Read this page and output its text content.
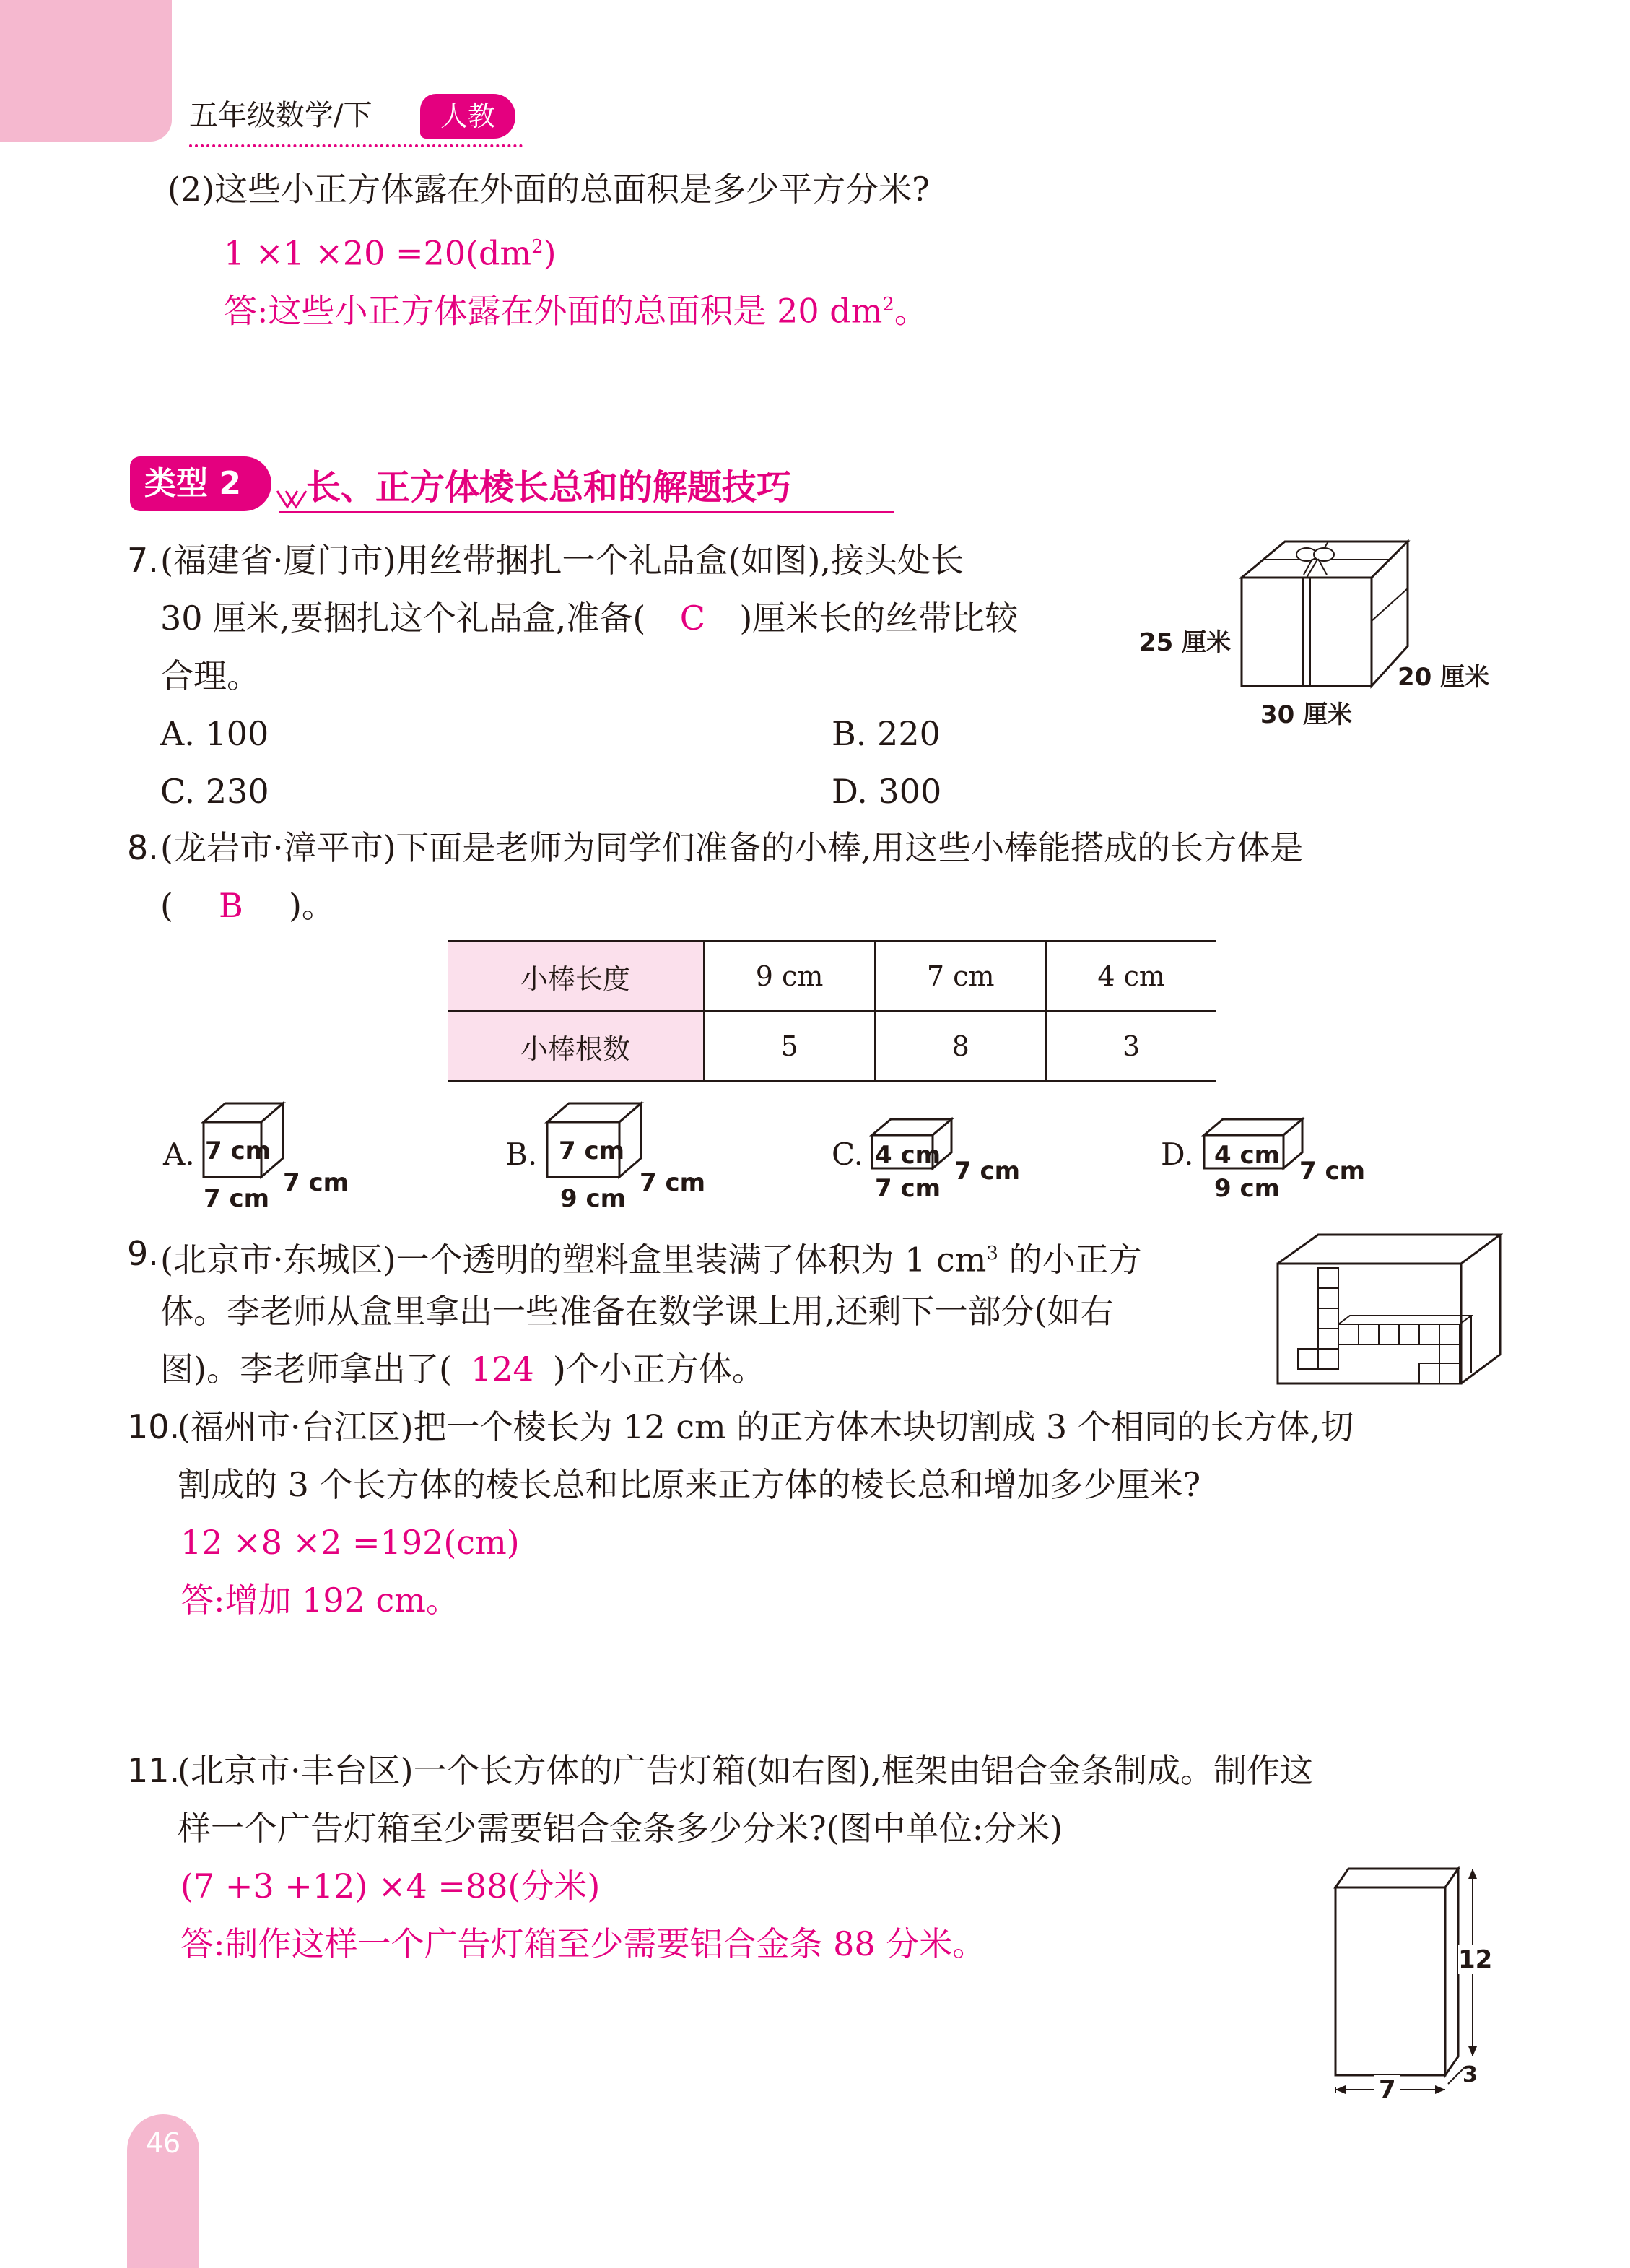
五年级数学/下	人教
(2)这些小正方体露在外面的总面积是多少平方分米?
$1 \times 1 \times 20 =20(dm^2)$
答:这些小正方体露在外面的总面积是 20 $dm^2$。
类型 2	长、正方体棱长总和的解题技巧
7. (福建省·厦门市)用丝带捆扎一个礼品盒(如图),接头处长
30 厘米,要捆扎这个礼品盒,准备( C )厘米长的丝带比较
合理。
A. 100	B. 220
C. 230	D. 300
25 厘米
30 厘米
20 厘米
8. (龙岩市·漳平市)下面是老师为同学们准备的小棒,用这些小棒能搭成的长方体是
( B )。
小棒长度	9 cm	7 cm	4 cm
小棒根数	5	8	3
A. 7 cm
7 cm
7 cm
B. 7 cm
9 cm
7 cm
C. 4 cm
7 cm
7 cm	D. 4 cm
9 cm
7 cm
9. (北京市·东城区)一个透明的塑料盒里装满了体积为 1 $cm^3$ 的小正方
体。李老师从盒里拿出一些准备在数学课上用,还剩下一部分(如右
图)。李老师拿出了( 124 )个小正方体。
10.
(福州市·台江区)把一个棱长为 12 cm 的正方体木块切割成 3 个相同的长方体,切
割成的 3 个长方体的棱长总和比原来正方体的棱长总和增加多少厘米?
12 ×8 ×2 =192(cm)
答:增加 192 cm。
11.
(北京市·丰台区)一个长方体的广告灯箱(如右图),框架由铝合金条制成。制作这
样一个广告灯箱至少需要铝合金条多少分米?(图中单位:分米)
(7 +3 +12) ×4 =88(分米)
答:制作这样一个广告灯箱至少需要铝合金条 88 分米。	12
7
3
46
